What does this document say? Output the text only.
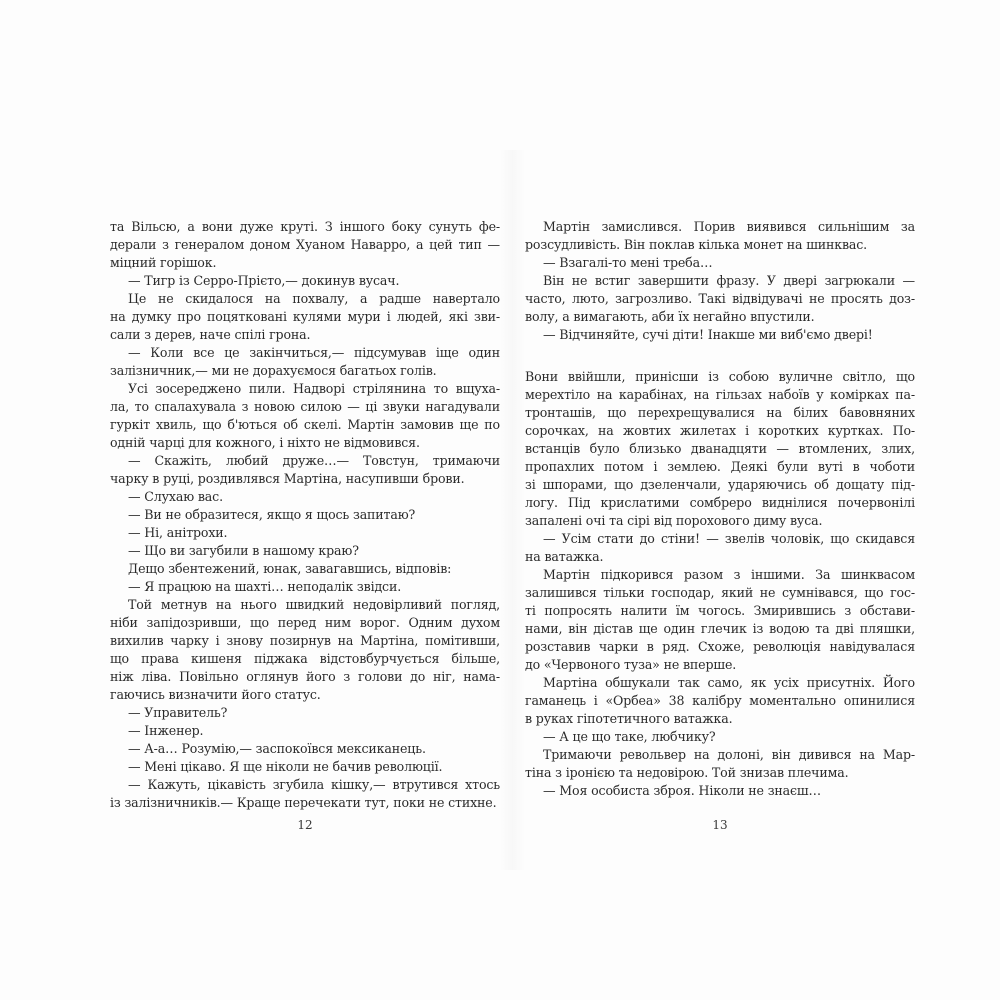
та Вільсю, а вони дуже круті. З іншого боку сунуть фе-
дерали з генералом доном Хуаном Наварро, а цей тип —
міцний горішок.
— Тигр із Серро-Прієто,— докинув вусач.
Це не скидалося на похвалу, а радше навертало
на думку про поцятковані кулями мури і людей, які зви-
сали з дерев, наче спілі грона.
— Коли все це закінчиться,— підсумував іще один
залізничник,— ми не дорахуємося багатьох голів.
Усі зосереджено пили. Надворі стрілянина то вщуха-
ла, то спалахувала з новою силою — ці звуки нагадували
гуркіт хвиль, що б'ються об скелі. Мартін замовив ще по
одній чарці для кожного, і ніхто не відмовився.
— Скажіть, любий друже…— Товстун, тримаючи
чарку в руці, роздивлявся Мартіна, насупивши брови.
— Слухаю вас.
— Ви не образитеся, якщо я щось запитаю?
— Ні, анітрохи.
— Що ви загубили в нашому краю?
Дещо збентежений, юнак, завагавшись, відповів:
— Я працюю на шахті… неподалік звідси.
Той метнув на нього швидкий недовірливий погляд,
ніби запідозривши, що перед ним ворог. Одним духом
вихилив чарку і знову позирнув на Мартіна, помітивши,
що права кишеня піджака відстовбурчується більше,
ніж ліва. Повільно оглянув його з голови до ніг, нама-
гаючись визначити його статус.
— Управитель?
— Інженер.
— А-а… Розумію,— заспокоївся мексиканець.
— Мені цікаво. Я ще ніколи не бачив революції.
— Кажуть, цікавість згубила кішку,— втрутився хтось
із залізничників.— Краще перечекати тут, поки не стихне.
12
Мартін замислився. Порив виявився сильнішим за
розсудливість. Він поклав кілька монет на шинквас.
— Взагалі-то мені треба…
Він не встиг завершити фразу. У двері загрюкали —
часто, люто, загрозливо. Такі відвідувачі не просять доз-
волу, а вимагають, аби їх негайно впустили.
— Відчиняйте, сучі діти! Інакше ми виб'ємо двері!
Вони ввійшли, принісши із собою вуличне світло, що
мерехтіло на карабінах, на гільзах набоїв у комірках па-
тронташів, що перехрещувалися на білих бавовняних
сорочках, на жовтих жилетах і коротких куртках. По-
встанців було близько дванадцяти — втомлених, злих,
пропахлих потом і землею. Деякі були вуті в чоботи
зі шпорами, що дзеленчали, ударяючись об дощату під-
логу. Під крислатими сомбреро виднілися почервонілі
запалені очі та сірі від порохового диму вуса.
— Усім стати до стіни! — звелів чоловік, що скидався
на ватажка.
Мартін підкорився разом з іншими. За шинквасом
залишився тільки господар, який не сумнівався, що гос-
ті попросять налити їм чогось. Змирившись з обстави-
нами, він дістав ще один глечик із водою та дві пляшки,
розставив чарки в ряд. Схоже, революція навідувалася
до «Червоного туза» не вперше.
Мартіна обшукали так само, як усіх присутніх. Його
гаманець і «Орбеа» 38 калібру моментально опинилися
в руках гіпотетичного ватажка.
— А це що таке, любчику?
Тримаючи револьвер на долоні, він дивився на Мар-
тіна з іронією та недовірою. Той знизав плечима.
— Моя особиста зброя. Ніколи не знаєш…
13
